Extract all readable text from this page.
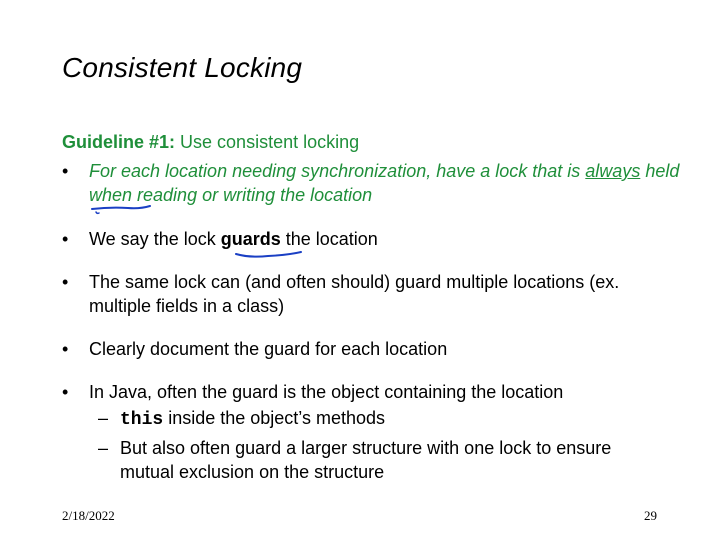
Consistent Locking
Guideline #1: Use consistent locking
• For each location needing synchronization, have a lock that is always held when reading or writing the location
• We say the lock guards the location
• The same lock can (and often should) guard multiple locations (ex. multiple fields in a class)
• Clearly document the guard for each location
• In Java, often the guard is the object containing the location
– this inside the object’s methods
– But also often guard a larger structure with one lock to ensure mutual exclusion on the structure
2/18/2022	29
